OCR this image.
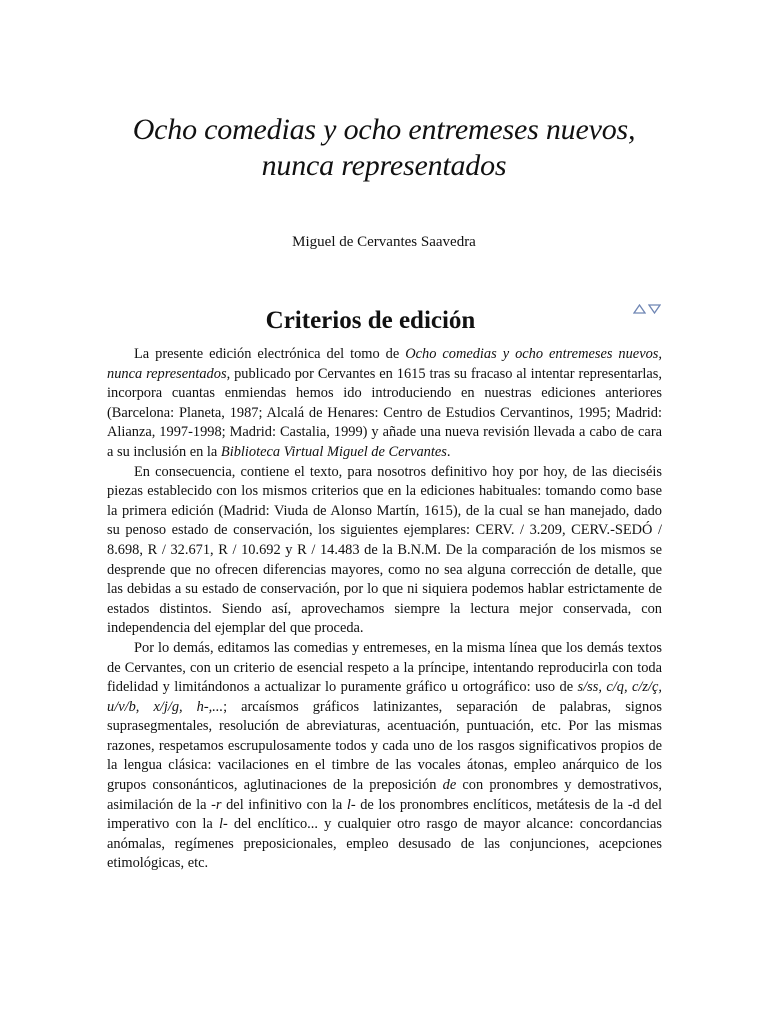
Ocho comedias y ocho entremeses nuevos,
nunca representados

Miguel de Cervantes Saavedra

Criterios de edición

La presente edición electrónica del tomo de Ocho comedias y ocho entremeses nuevos, nunca representados, publicado por Cervantes en 1615 tras su fracaso al intentar representarlas, incorpora cuantas enmiendas hemos ido introduciendo en nuestras ediciones anteriores (Barcelona: Planeta, 1987; Alcalá de Henares: Centro de Estudios Cervantinos, 1995; Madrid: Alianza, 1997-1998; Madrid: Castalia, 1999) y añade una nueva revisión llevada a cabo de cara a su inclusión en la Biblioteca Virtual Miguel de Cervantes.

En consecuencia, contiene el texto, para nosotros definitivo hoy por hoy, de las dieciséis piezas establecido con los mismos criterios que en la ediciones habituales: tomando como base la primera edición (Madrid: Viuda de Alonso Martín, 1615), de la cual se han manejado, dado su penoso estado de conservación, los siguientes ejemplares: CERV. / 3.209, CERV.-SEDÓ / 8.698, R / 32.671, R / 10.692 y R / 14.483 de la B.N.M. De la comparación de los mismos se desprende que no ofrecen diferencias mayores, como no sea alguna corrección de detalle, que las debidas a su estado de conservación, por lo que ni siquiera podemos hablar estrictamente de estados distintos. Siendo así, aprovechamos siempre la lectura mejor conservada, con independencia del ejemplar del que proceda.

Por lo demás, editamos las comedias y entremeses, en la misma línea que los demás textos de Cervantes, con un criterio de esencial respeto a la príncipe, intentando reproducirla con toda fidelidad y limitándonos a actualizar lo puramente gráfico u ortográfico: uso de s/ss, c/q, c/z/ç, u/v/b, x/j/g, h-,...; arcaísmos gráficos latinizantes, separación de palabras, signos suprasegmentales, resolución de abreviaturas, acentuación, puntuación, etc. Por las mismas razones, respetamos escrupulosamente todos y cada uno de los rasgos significativos propios de la lengua clásica: vacilaciones en el timbre de las vocales átonas, empleo anárquico de los grupos consonánticos, aglutinaciones de la preposición de con pronombres y demostrativos, asimilación de la -r del infinitivo con la l- de los pronombres enclíticos, metátesis de la -d del imperativo con la l- del enclítico... y cualquier otro rasgo de mayor alcance: concordancias anómalas, regímenes preposicionales, empleo desusado de las conjunciones, acepciones etimológicas, etc.
